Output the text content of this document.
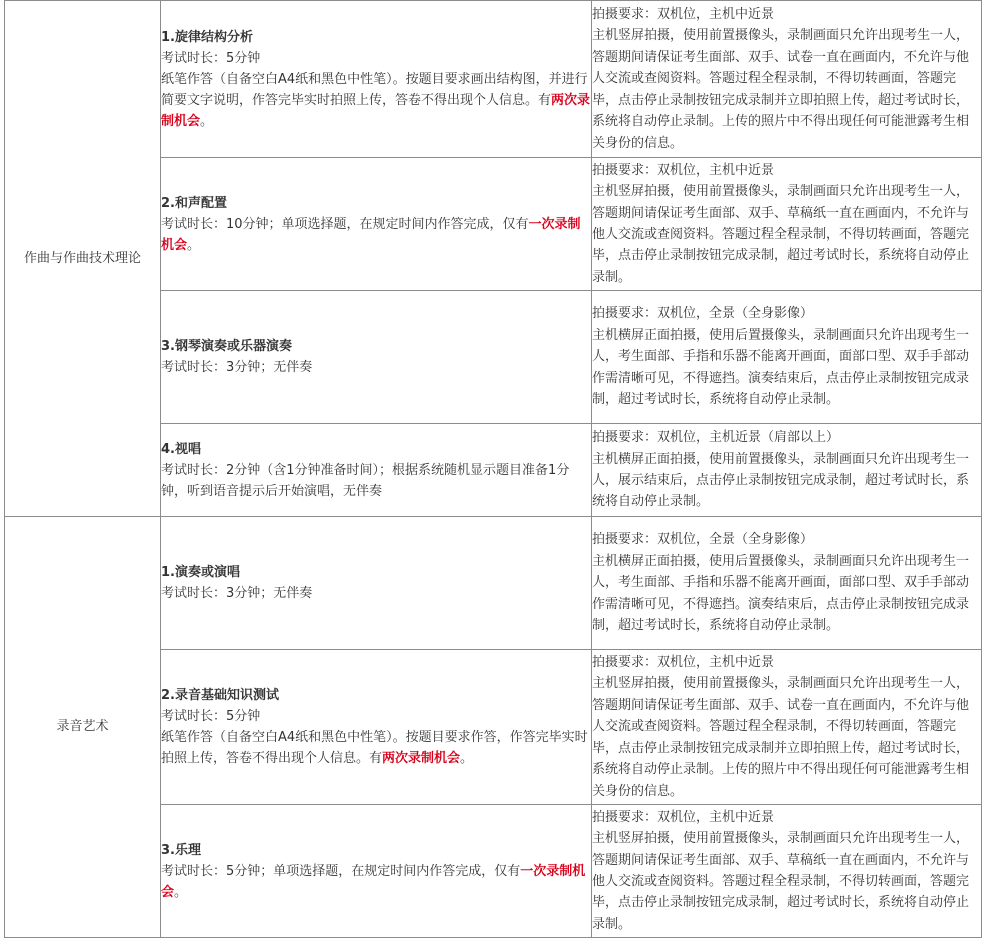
作曲与作曲技术理论	1.旋律结构分析
考试时长：5分钟
纸笔作答（自备空白A4纸和黑色中性笔）。按题目要求画出结构图，并进行简要文字说明，作答完毕实时拍照上传，答卷不得出现个人信息。有两次录制机会。	拍摄要求：双机位，主机中近景
主机竖屏拍摄，使用前置摄像头，录制画面只允许出现考生一人，答题期间请保证考生面部、双手、试卷一直在画面内，不允许与他人交流或查阅资料。答题过程全程录制，不得切转画面，答题完毕，点击停止录制按钮完成录制并立即拍照上传，超过考试时长，系统将自动停止录制。上传的照片中不得出现任何可能泄露考生相关身份的信息。

	2.和声配置
考试时长：10分钟；单项选择题，在规定时间内作答完成，仅有一次录制机会。	拍摄要求：双机位，主机中近景
主机竖屏拍摄，使用前置摄像头，录制画面只允许出现考生一人，答题期间请保证考生面部、双手、草稿纸一直在画面内，不允许与他人交流或查阅资料。答题过程全程录制，不得切转画面，答题完毕，点击停止录制按钮完成录制，超过考试时长，系统将自动停止录制。

	3.钢琴演奏或乐器演奏
考试时长：3分钟；无伴奏	拍摄要求：双机位，全景（全身影像）
主机横屏正面拍摄，使用后置摄像头，录制画面只允许出现考生一人，考生面部、手指和乐器不能离开画面，面部口型、双手手部动作需清晰可见，不得遮挡。演奏结束后，点击停止录制按钮完成录制，超过考试时长，系统将自动停止录制。

	4.视唱
考试时长：2分钟（含1分钟准备时间）；根据系统随机显示题目准备1分钟，听到语音提示后开始演唱，无伴奏	拍摄要求：双机位，主机近景（肩部以上）
主机横屏正面拍摄，使用前置摄像头，录制画面只允许出现考生一人，展示结束后，点击停止录制按钮完成录制，超过考试时长，系统将自动停止录制。

录音艺术	1.演奏或演唱
考试时长：3分钟；无伴奏	拍摄要求：双机位，全景（全身影像）
主机横屏正面拍摄，使用后置摄像头，录制画面只允许出现考生一人，考生面部、手指和乐器不能离开画面，面部口型、双手手部动作需清晰可见，不得遮挡。演奏结束后，点击停止录制按钮完成录制，超过考试时长，系统将自动停止录制。

	2.录音基础知识测试
考试时长：5分钟
纸笔作答（自备空白A4纸和黑色中性笔）。按题目要求作答，作答完毕实时拍照上传，答卷不得出现个人信息。有两次录制机会。	拍摄要求：双机位，主机中近景
主机竖屏拍摄，使用前置摄像头，录制画面只允许出现考生一人，答题期间请保证考生面部、双手、试卷一直在画面内，不允许与他人交流或查阅资料。答题过程全程录制，不得切转画面，答题完毕，点击停止录制按钮完成录制并立即拍照上传，超过考试时长，系统将自动停止录制。上传的照片中不得出现任何可能泄露考生相关身份的信息。

	3.乐理
考试时长：5分钟；单项选择题，在规定时间内作答完成，仅有一次录制机会。	拍摄要求：双机位，主机中近景
主机竖屏拍摄，使用前置摄像头，录制画面只允许出现考生一人，答题期间请保证考生面部、双手、草稿纸一直在画面内，不允许与他人交流或查阅资料。答题过程全程录制，不得切转画面，答题完毕，点击停止录制按钮完成录制，超过考试时长，系统将自动停止录制。
